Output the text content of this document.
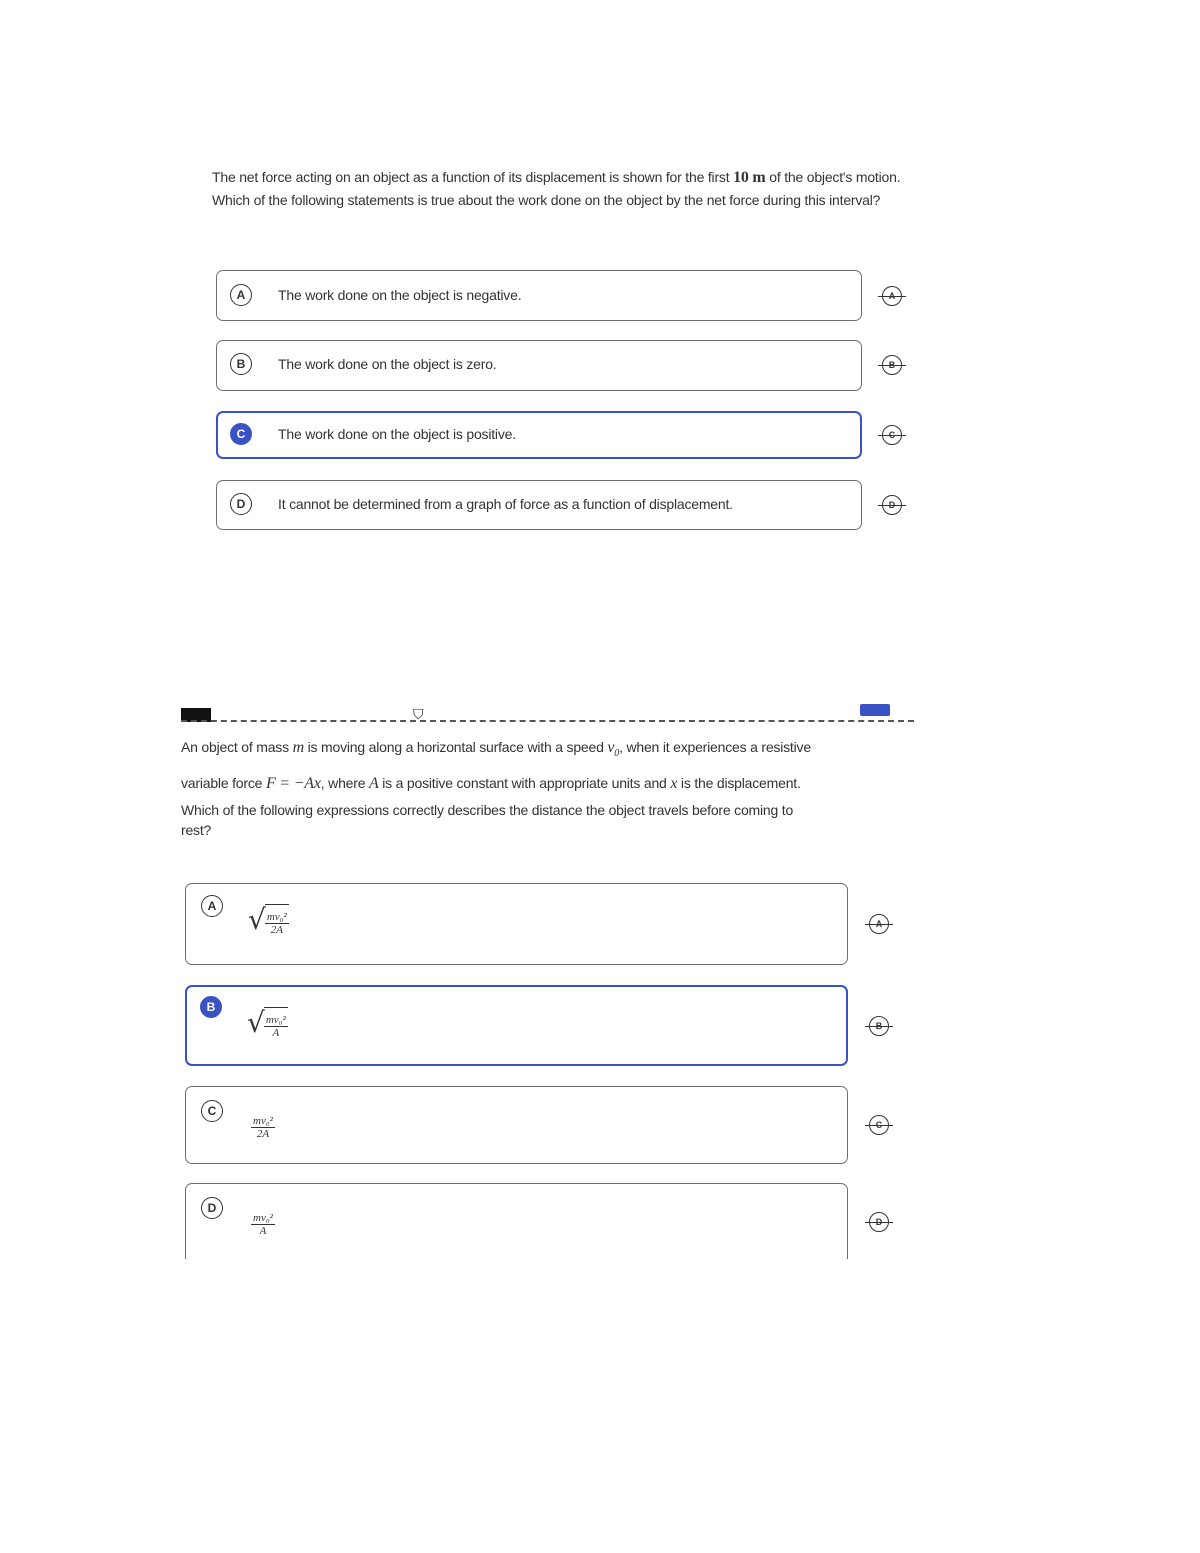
The net force acting on an object as a function of its displacement is shown for the first 10 m of the object's motion. Which of the following statements is true about the work done on the object by the net force during this interval?
A	The work done on the object is negative.	A
B	The work done on the object is zero.	B
C	The work done on the object is positive.	C
D	It cannot be determined from a graph of force as a function of displacement.	D
⛉
An object of mass m is moving along a horizontal surface with a speed $v_0$, when it experiences a resistive
variable force F = −Ax, where A is a positive constant with appropriate units and x is the displacement.
Which of the following expressions correctly describes the distance the object travels before coming to
rest?
A √ $\frac{\text{mv₀²}}{2A}$	A
B √ $\frac{\text{mv₀²}}{A}$	B
C
$\frac{\text{mv₀²}}{2A}$	C
D
$\frac{\text{mv₀²}}{A}$	D
